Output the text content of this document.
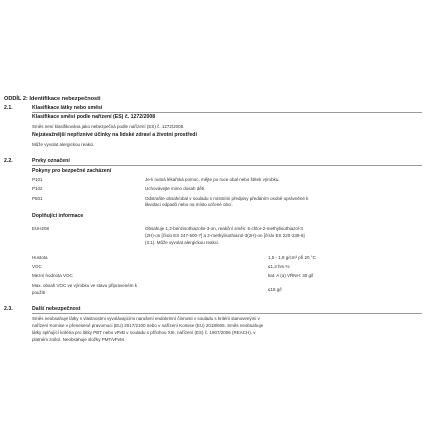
ODDÍL 2: Identifikace nebezpečnosti
2.1.	Klasifikace látky nebo směsi
Klasifikace směsi podle nařízení (ES) č. 1272/2008
Směs není klasifikována jako nebezpečná podle nařízení (ES) č. 1272/2008.
Nejzávažnější nepříznivé účinky na lidské zdraví a životní prostředí
Může vyvolat alergickou reakci.
2.2.	Prvky označení
Pokyny pro bezpečné zacházení
P101	Je-li nutná lékařská pomoc, mějte po ruce obal nebo štítek výrobku.
P102	Uchovávejte mimo dosah dětí.
P501	Odstraňte obsah/obal v souladu s místními předpisy předáním osobě oprávněné k
likvidaci odpadů nebo na místo určené obcí.
Doplňující informace
EUH208	Obsahuje 1,2-benzisothiazolin-3-on, reakční směs: 5-chlor-2-methylisothiazol-3
(2H)-on [číslo ES 247-500-7] a 2-methylisothiazol-3(2H)-on [číslo ES 220-239-6]
(3:1). Může vyvolat alergickou reakci.
Hustota	1,5 - 1,8 g/cm³ při 20 °C
VOC	≤1,3 hm.%
Mezní hodnota VOC	kat. A (a) VŘNH: 30 g/l
Max. obsah VOC ve výrobku ve stavu připraveném k
použití
≤18 g/l
2.3.	Další nebezpečnost
Směs neobsahuje látky s vlastnostmi vyvolávajícími narušení endokrinní činnosti v souladu s kritérii stanovenými v
nařízení Komise v přenesené pravomoci (EU) 2017/2100 nebo v nařízení Komise (EU) 2018/605. Směs neobsahuje
látky splňující kritéria pro látky PBT nebo vPvB v souladu s přílohou XIII, nařízení (ES) č. 1907/2006 (REACH), v
platném znění. Neobsahuje složky PMT/vPvM.
